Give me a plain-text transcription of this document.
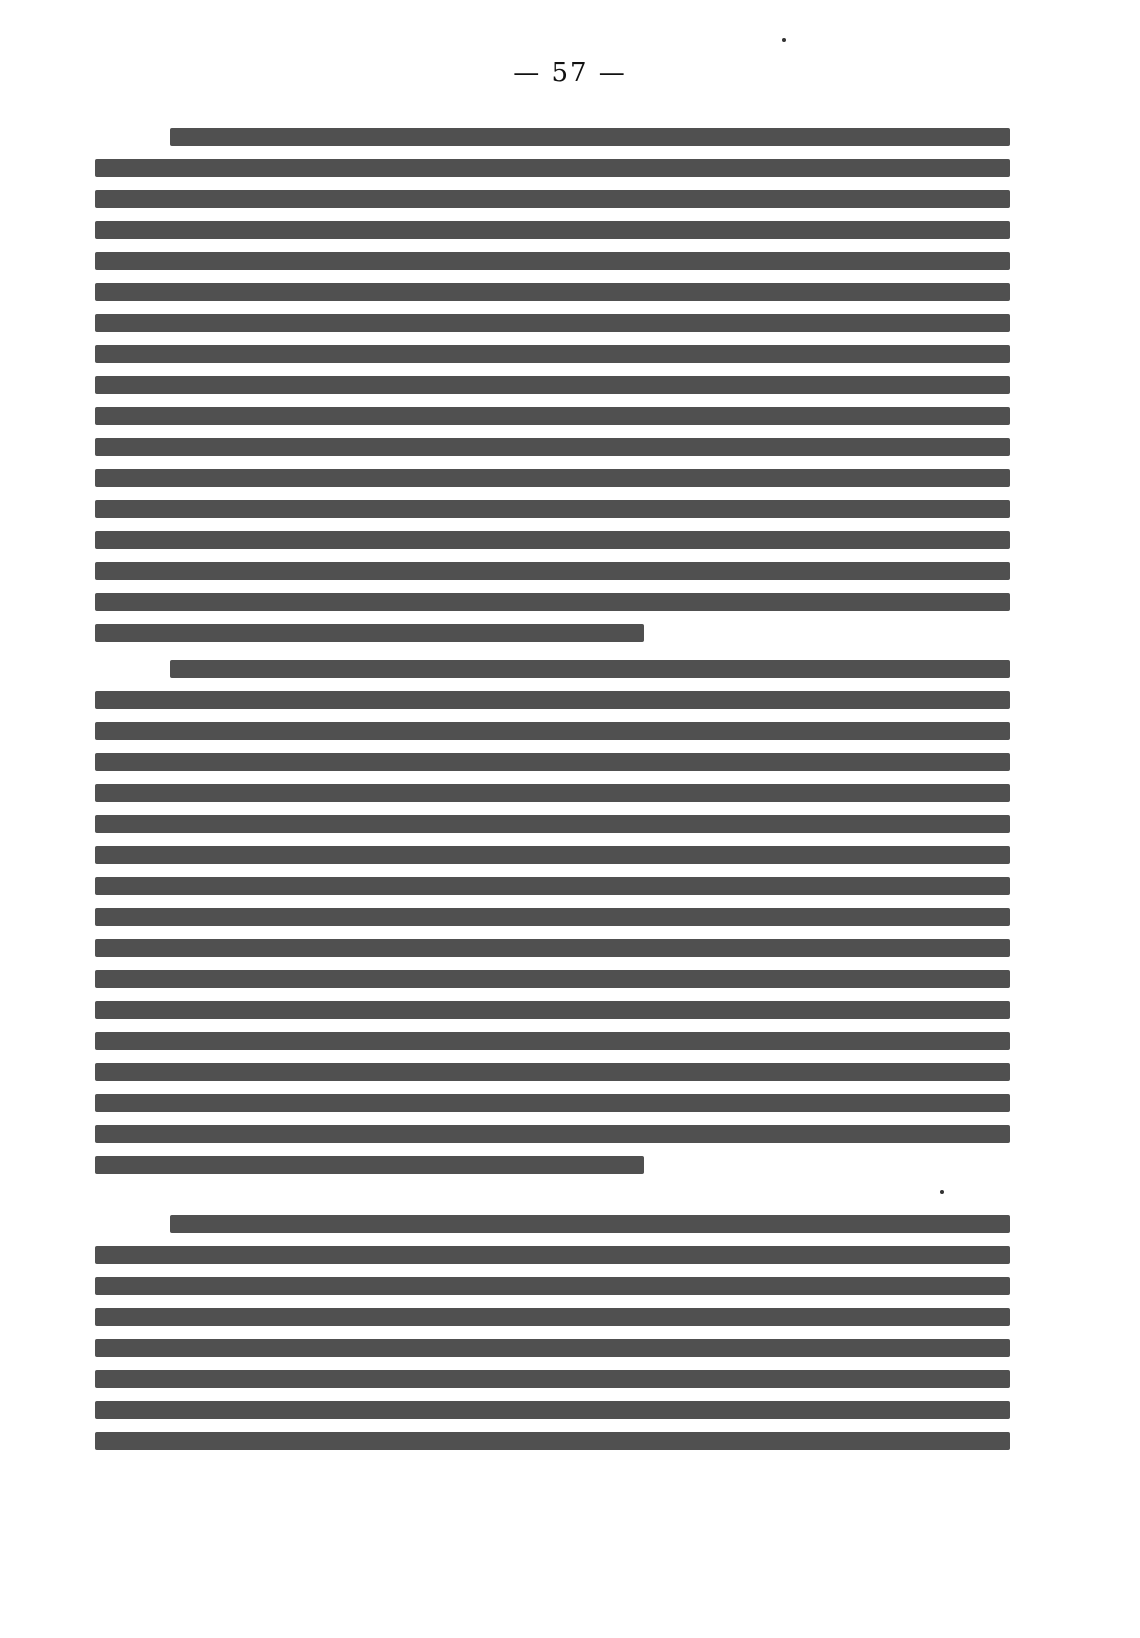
— 57 —
